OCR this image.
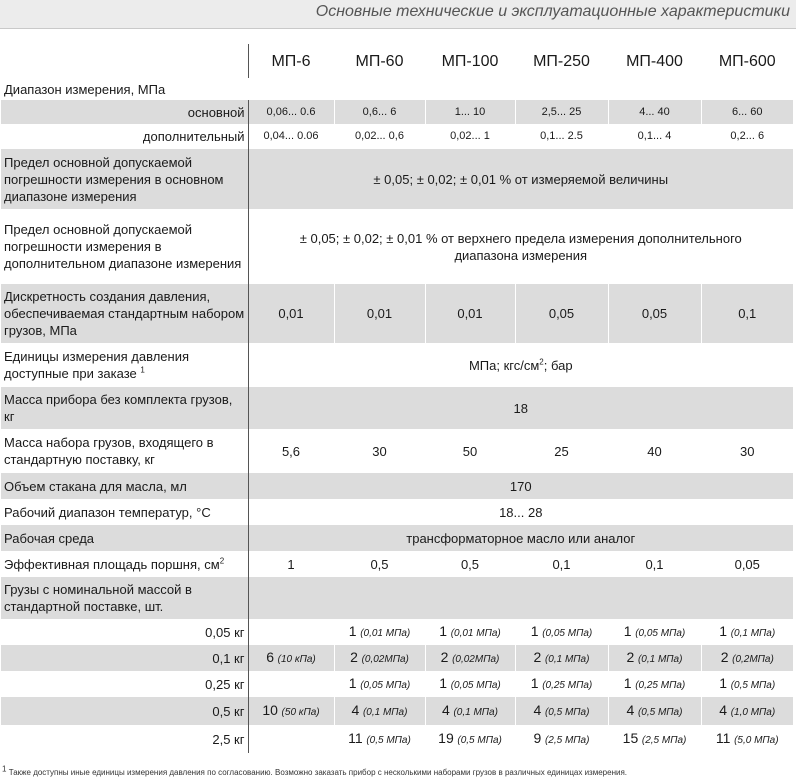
Основные технические и эксплуатационные характеристики
	МП-6	МП-60	МП-100	МП-250	МП-400	МП-600
Диапазон измерения, МПа						
основной	0,06... 0.6	0,6... 6	1... 10	2,5... 25	4... 40	6... 60
дополнительный	0,04... 0.06	0,02... 0,6	0,02... 1	0,1... 2.5	0,1... 4	0,2... 6
Предел основной допускаемой погрешности измерения в основном диапазоне измерения	± 0,05; ± 0,02; ± 0,01 % от измеряемой величины					
Предел основной допускаемой погрешности измерения в дополнительном диапазоне измерения	± 0,05; ± 0,02; ± 0,01 % от верхнего предела измерения дополнительного диапазона измерения					
Дискретность создания давления, обеспечиваемая стандартным набором грузов, МПа	0,01	0,01	0,01	0,05	0,05	0,1
Единицы измерения давления доступные при заказе $^1$	МПа; кгс/$см^2$; бар					
Масса прибора без комплекта грузов, кг	18					
Масса набора грузов, входящего в стандартную поставку, кг	5,6	30	50	25	40	30
Объем стакана для масла, мл	170					
Рабочий диапазон температур, °C	18... 28					
Рабочая среда	трансформаторное масло или аналог					
Эффективная площадь поршня, $см^2$	1	0,5	0,5	0,1	0,1	0,05
Грузы с номинальной массой в стандартной поставке, шт.						
0,05 кг		1 (0,01 МПа)	1 (0,01 МПа)	1 (0,05 МПа)	1 (0,05 МПа)	1 (0,1 МПа)
0,1 кг	6 (10 кПа)	2 (0,02МПа)	2 (0,02МПа)	2 (0,1 МПа)	2 (0,1 МПа)	2 (0,2МПа)
0,25 кг		1 (0,05 МПа)	1 (0,05 МПа)	1 (0,25 МПа)	1 (0,25 МПа)	1 (0,5 МПа)
0,5 кг	10 (50 кПа)	4 (0,1 МПа)	4 (0,1 МПа)	4 (0,5 МПа)	4 (0,5 МПа)	4 (1,0 МПа)
2,5 кг		11 (0,5 МПа)	19 (0,5 МПа)	9 (2,5 МПа)	15 (2,5 МПа)	11 (5,0 МПа)
$^1$ Также доступны иные единицы измерения давления по согласованию. Возможно заказать прибор с несколькими наборами грузов в различных единицах измерения.
